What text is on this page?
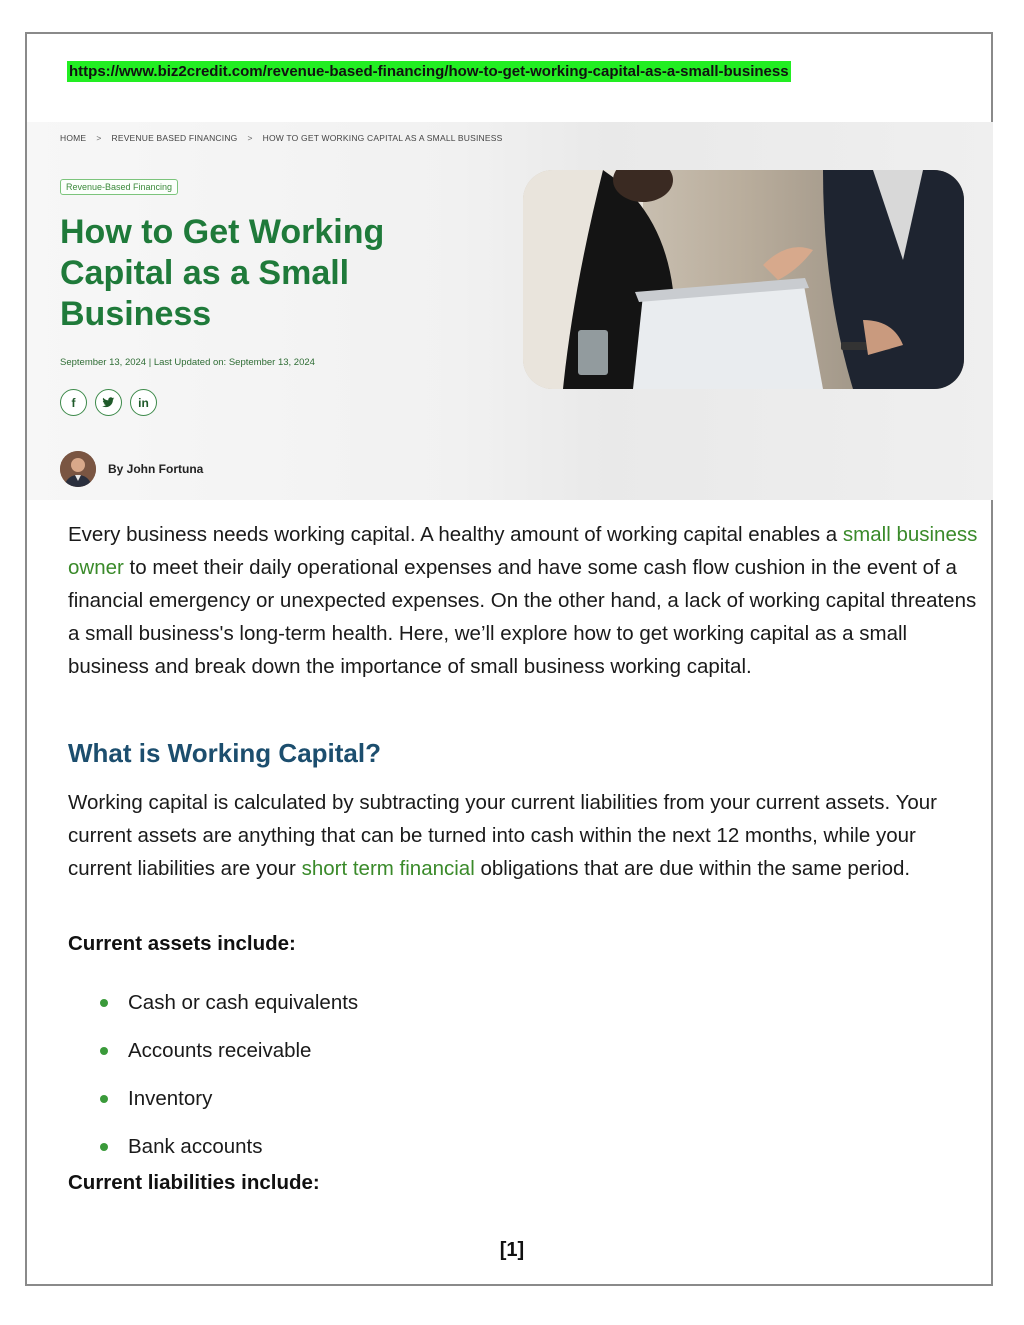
https://www.biz2credit.com/revenue-based-financing/how-to-get-working-capital-as-a-small-business
HOME > REVENUE BASED FINANCING > HOW TO GET WORKING CAPITAL AS A SMALL BUSINESS
Revenue-Based Financing
How to Get Working Capital as a Small Business
September 13, 2024 | Last Updated on: September 13, 2024
f	in
By John Fortuna

Every business needs working capital. A healthy amount of working capital enables a small business owner to meet their daily operational expenses and have some cash flow cushion in the event of a financial emergency or unexpected expenses. On the other hand, a lack of working capital threatens a small business's long-term health. Here, we’ll explore how to get working capital as a small business and break down the importance of small business working capital.

What is Working Capital?

Working capital is calculated by subtracting your current liabilities from your current assets. Your current assets are anything that can be turned into cash within the next 12 months, while your current liabilities are your short term financial obligations that are due within the same period.

Current assets include:

Cash or cash equivalents
Accounts receivable
Inventory
Bank accounts

Current liabilities include:

[1]
